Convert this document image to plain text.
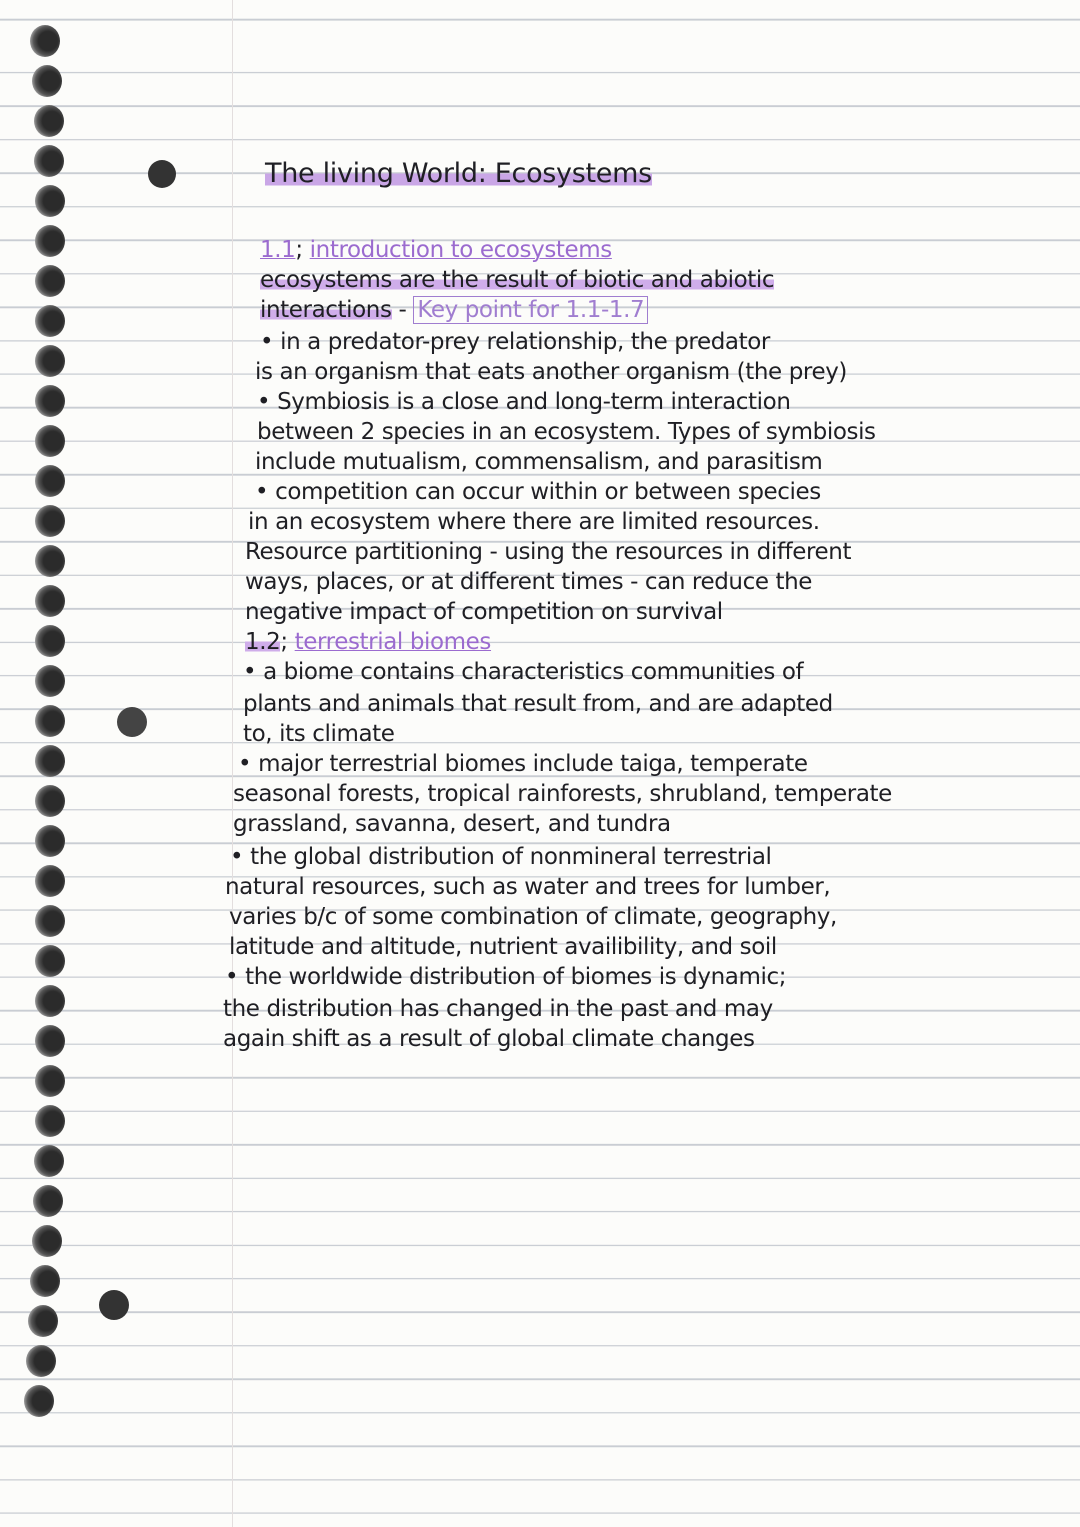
The living World: Ecosystems
1.1; introduction to ecosystems
ecosystems are the result of biotic and abiotic
interactions - Key point for 1.1-1.7
• in a predator-prey relationship, the predator
is an organism that eats another organism (the prey)
• Symbiosis is a close and long-term interaction
between 2 species in an ecosystem. Types of symbiosis
include mutualism, commensalism, and parasitism
• competition can occur within or between species
in an ecosystem where there are limited resources.
Resource partitioning - using the resources in different
ways, places, or at different times - can reduce the
negative impact of competition on survival
1.2; terrestrial biomes
• a biome contains characteristics communities of
plants and animals that result from, and are adapted
to, its climate
• major terrestrial biomes include taiga, temperate
seasonal forests, tropical rainforests, shrubland, temperate
grassland, savanna, desert, and tundra
• the global distribution of nonmineral terrestrial
natural resources, such as water and trees for lumber,
varies b/c of some combination of climate, geography,
latitude and altitude, nutrient availibility, and soil
• the worldwide distribution of biomes is dynamic;
the distribution has changed in the past and may
again shift as a result of global climate changes
